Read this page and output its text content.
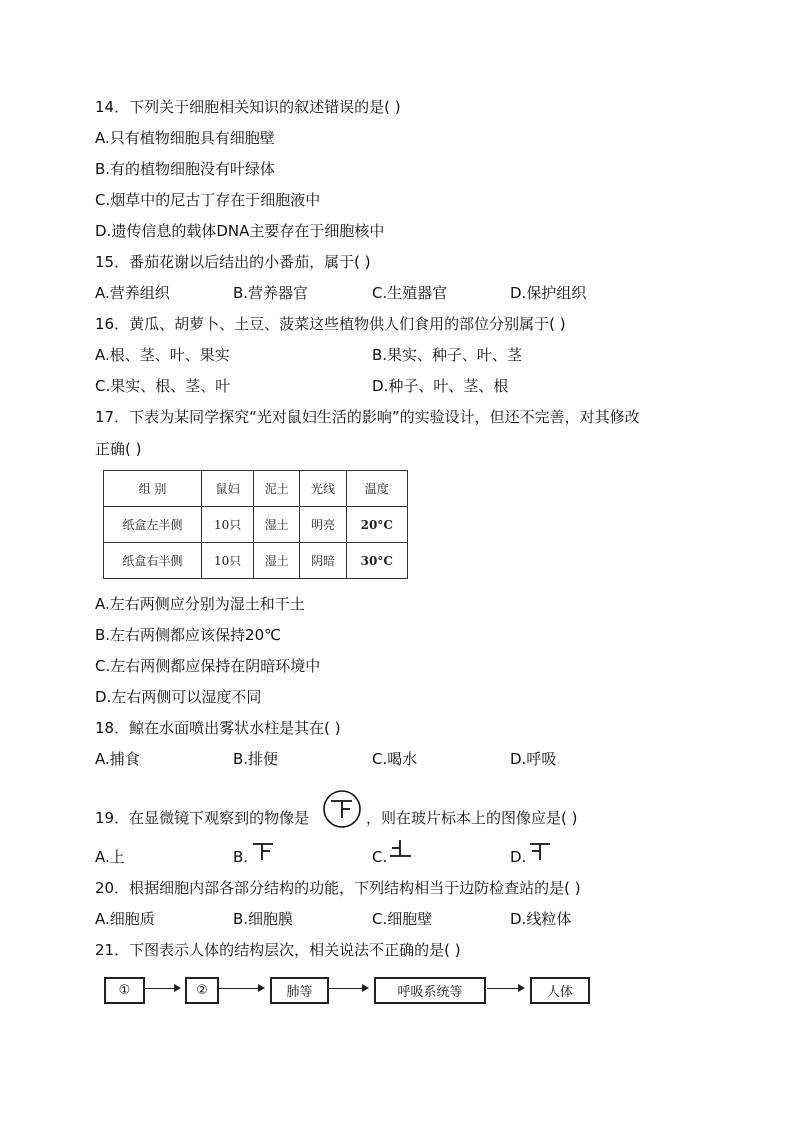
14．下列关于细胞相关知识的叙述错误的是( )
A.只有植物细胞具有细胞壁
B.有的植物细胞没有叶绿体
C.烟草中的尼古丁存在于细胞液中
D.遗传信息的载体DNA主要存在于细胞核中
15．番茄花谢以后结出的小番茄，属于( )
A.营养组织	B.营养器官	C.生殖器官	D.保护组织
16．黄瓜、胡萝卜、土豆、菠菜这些植物供人们食用的部位分别属于( )
A.根、茎、叶、果实	B.果实、种子、叶、茎
C.果实、根、茎、叶	D.种子、叶、茎、根
17．下表为某同学探究“光对鼠妇生活的影响”的实验设计，但还不完善，对其修改
正确( )
组 别	鼠妇	泥土	光线	温度
纸盒左半侧	10只	湿土	明亮	20°C
纸盒右半侧	10只	湿土	阴暗	30°C
A.左右两侧应分别为湿土和干土
B.左右两侧都应该保持20℃
C.左右两侧都应保持在阴暗环境中
D.左右两侧可以湿度不同
18．鲸在水面喷出雾状水柱是其在( )
A.捕食	B.排便	C.喝水	D.呼吸
19．在显微镜下观察到的物像是	，则在玻片标本上的图像应是( )
A.上	B.	C.	D.
20．根据细胞内部各部分结构的功能，下列结构相当于边防检查站的是( )
A.细胞质	B.细胞膜	C.细胞壁	D.线粒体
21．下图表示人体的结构层次，相关说法不正确的是( )
①	②	肺等	呼吸系统等	人体
